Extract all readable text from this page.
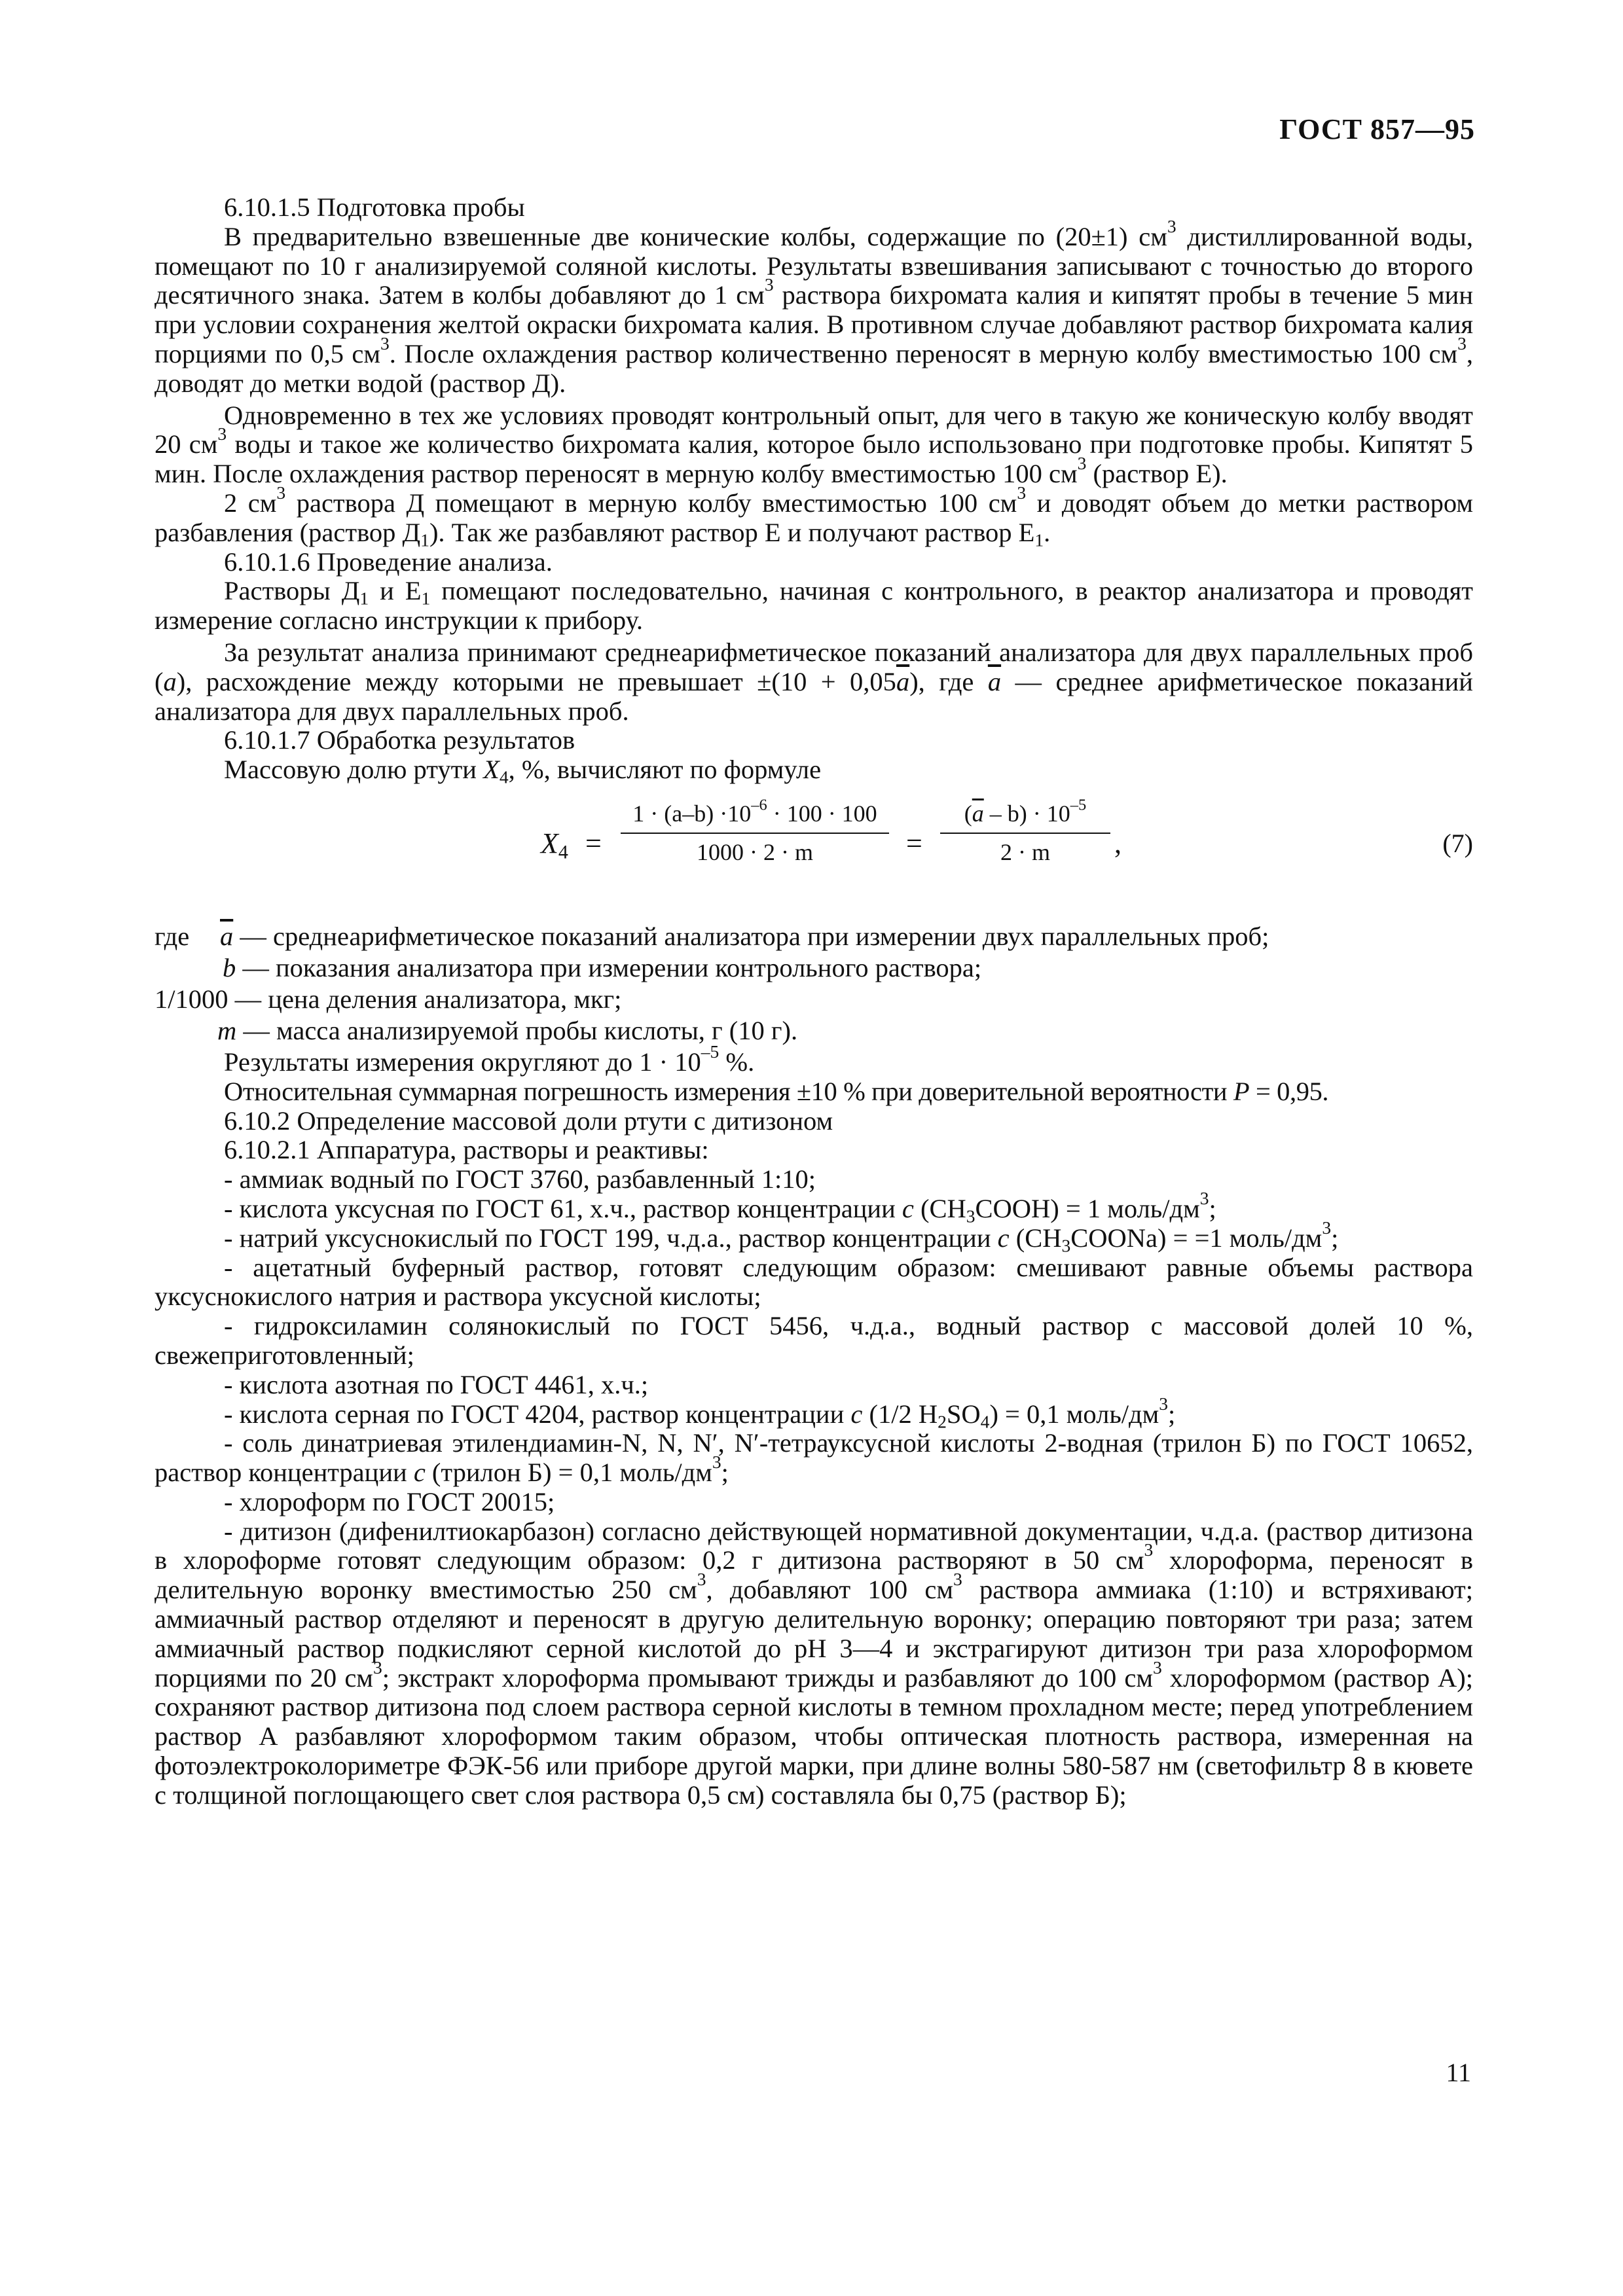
ГОСТ 857—95

6.10.1.5 Подготовка пробы

В предварительно взвешенные две конические колбы, содержащие по (20±1) $см^3$ дистиллированной воды, помещают по 10 г анализируемой соляной кислоты. Результаты взвешивания записывают с точностью до второго десятичного знака. Затем в колбы добавляют до 1 $см^3$ раствора бихромата калия и кипятят пробы в течение 5 мин при условии сохранения желтой окраски бихромата калия. В противном случае добавляют раствор бихромата калия порциями по 0,5 $см^3$. После охлаждения раствор количественно переносят в мерную колбу вместимостью 100 $см^3$, доводят до метки водой (раствор Д).

Одновременно в тех же условиях проводят контрольный опыт, для чего в такую же коническую колбу вводят 20 $см^3$ воды и такое же количество бихромата калия, которое было использовано при подготовке пробы. Кипятят 5 мин. После охлаждения раствор переносят в мерную колбу вместимостью 100 $см^3$ (раствор Е).

2 $см^3$ раствора Д помещают в мерную колбу вместимостью 100 $см^3$ и доводят объем до метки раствором разбавления (раствор $Д_1$). Так же разбавляют раствор Е и получают раствор $Е_1$.

6.10.1.6 Проведение анализа.

Растворы $Д_1$ и $Е_1$ помещают последовательно, начиная с контрольного, в реактор анализатора и проводят измерение согласно инструкции к прибору.

За результат анализа принимают среднеарифметическое показаний анализатора для двух параллельных проб (a), расхождение между которыми не превышает $\pm(10 + 0,05\overline{a})$, где $\overline{a}$ — среднее арифметическое показаний анализатора для двух параллельных проб.

6.10.1.7 Обработка результатов

Массовую долю ртути $X_4$, %, вычисляют по формуле

$X_4 = \frac{1 \cdot (a-b) \cdot 10^{-6} \cdot 100 \cdot 100}{1000 \cdot 2 \cdot m} = \frac{(\overline{a} - b) \cdot 10^{-5}}{2 \cdot m}$ ,	(7)

где $\overline{a}$ — среднеарифметическое показаний анализатора при измерении двух параллельных проб;

b — показания анализатора при измерении контрольного раствора;

1/1000 — цена деления анализатора, мкг;

m — масса анализируемой пробы кислоты, г (10 г).

Результаты измерения округляют до $1 \cdot 10^{-5}$ %.

Относительная суммарная погрешность измерения ±10 % при доверительной вероятности P = 0,95.

6.10.2 Определение массовой доли ртути с дитизоном

6.10.2.1 Аппаратура, растворы и реактивы:

- аммиак водный по ГОСТ 3760, разбавленный 1:10;

- кислота уксусная по ГОСТ 61, х.ч., раствор концентрации c $(CH_3COOH) = 1$ моль/$дм^3$;

- натрий уксуснокислый по ГОСТ 199, ч.д.а., раствор концентрации c $(CH_3COONa) = =1$ моль/$дм^3$;

- ацетатный буферный раствор, готовят следующим образом: смешивают равные объемы раствора уксуснокислого натрия и раствора уксусной кислоты;

- гидроксиламин солянокислый по ГОСТ 5456, ч.д.а., водный раствор с массовой долей 10 %, свежеприготовленный;

- кислота азотная по ГОСТ 4461, х.ч.;

- кислота серная по ГОСТ 4204, раствор концентрации c (1/2 $H_2SO_4) = 0,1$ моль/$дм^3$;

- соль динатриевая этилендиамин-N, N, N′, N′-тетрауксусной кислоты 2-водная (трилон Б) по ГОСТ 10652, раствор концентрации c (трилон Б) = 0,1 моль/$дм^3$;

- хлороформ по ГОСТ 20015;

- дитизон (дифенилтиокарбазон) согласно действующей нормативной документации, ч.д.а. (раствор дитизона в хлороформе готовят следующим образом: 0,2 г дитизона растворяют в 50 $см^3$ хлороформа, переносят в делительную воронку вместимостью 250 $см^3$, добавляют 100 $см^3$ раствора аммиака (1:10) и встряхивают; аммиачный раствор отделяют и переносят в другую делительную воронку; операцию повторяют три раза; затем аммиачный раствор подкисляют серной кислотой до pH 3—4 и экстрагируют дитизон три раза хлороформом порциями по 20 $см^3$; экстракт хлороформа промывают трижды и разбавляют до 100 $см^3$ хлороформом (раствор А); сохраняют раствор дитизона под слоем раствора серной кислоты в темном прохладном месте; перед употреблением раствор А разбавляют хлороформом таким образом, чтобы оптическая плотность раствора, измеренная на фотоэлектроколориметре ФЭК-56 или приборе другой марки, при длине волны 580-587 нм (светофильтр 8 в кювете с толщиной поглощающего свет слоя раствора 0,5 см) составляла бы 0,75 (раствор Б);

11
